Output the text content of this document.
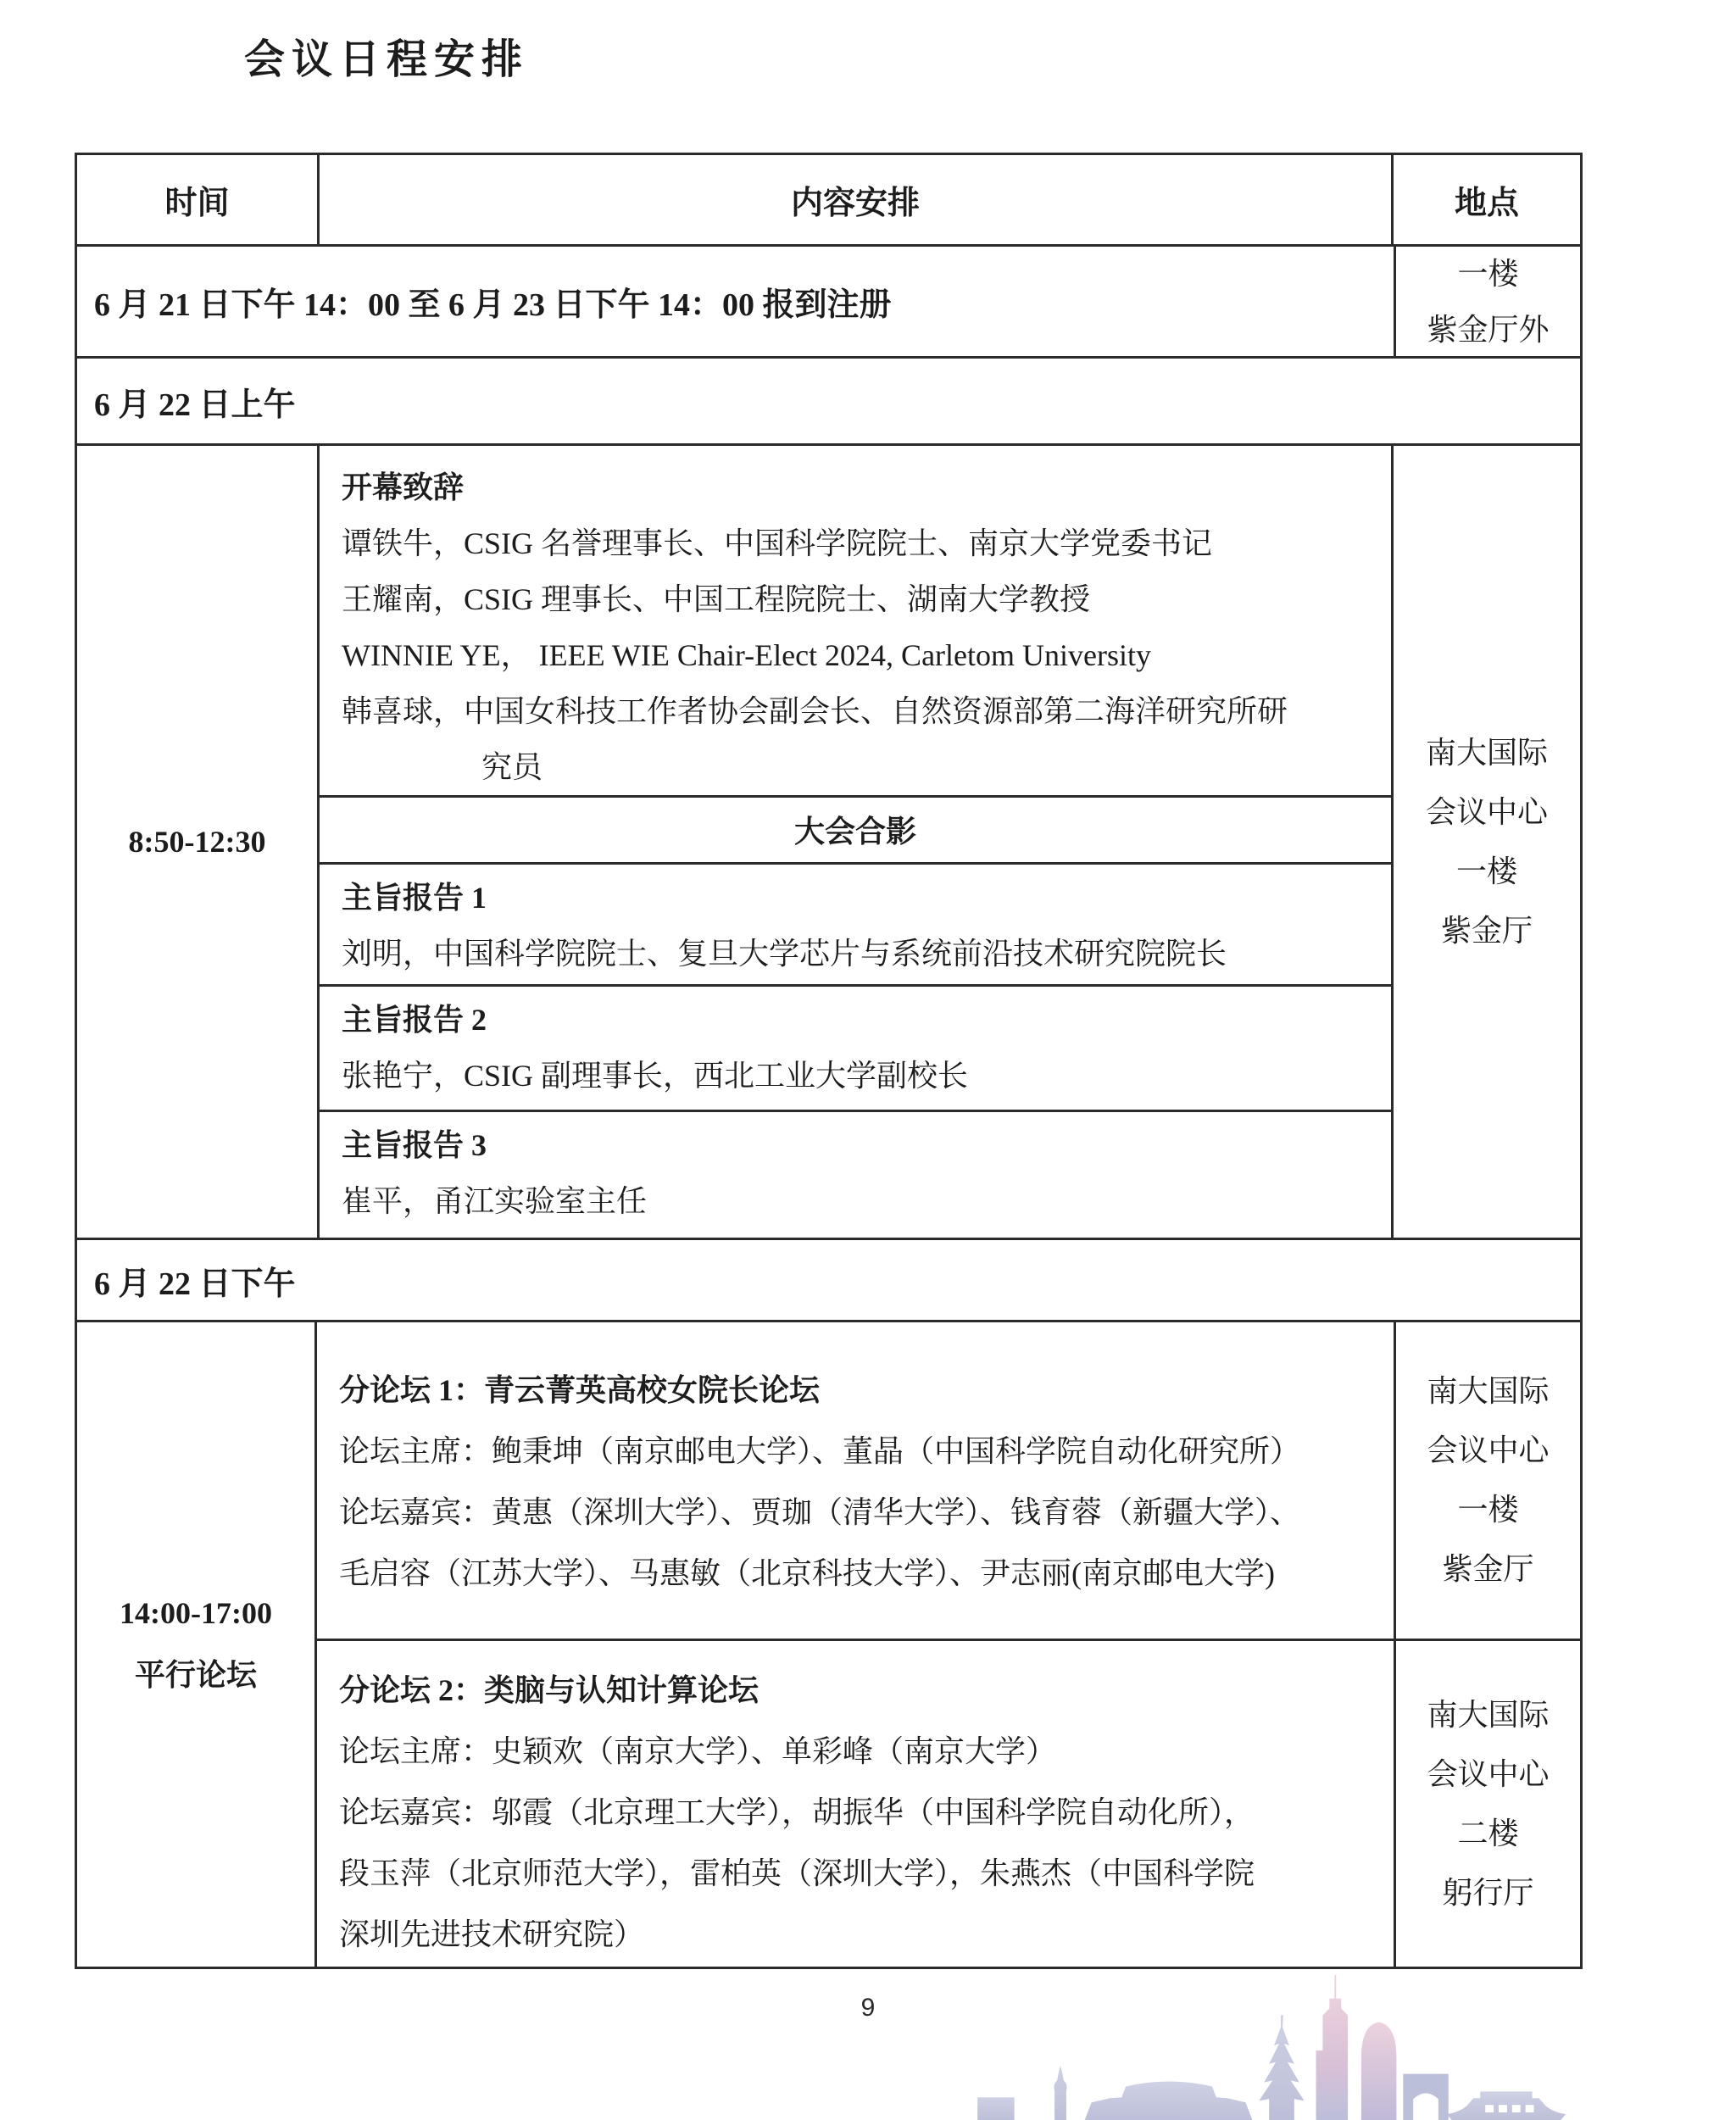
会议日程安排
时间	内容安排	地点
6 月 21 日下午 14：00 至 6 月 23 日下午 14：00 报到注册
一楼
紫金厅外
6 月 22 日上午
8:50-12:30
开幕致辞
谭铁牛，CSIG 名誉理事长、中国科学院院士、南京大学党委书记
王耀南，CSIG 理事长、中国工程院院士、湖南大学教授
WINNIE YE， IEEE WIE Chair-Elect 2024, Carletom University
韩喜球，中国女科技工作者协会副会长、自然资源部第二海洋研究所研
究员
大会合影
主旨报告 1
刘明，中国科学院院士、复旦大学芯片与系统前沿技术研究院院长
主旨报告 2
张艳宁，CSIG 副理事长，西北工业大学副校长
主旨报告 3
崔平，甬江实验室主任
南大国际
会议中心
一楼
紫金厅
6 月 22 日下午
14:00-17:00
平行论坛
分论坛 1：青云菁英高校女院长论坛
论坛主席：鲍秉坤（南京邮电大学）、董晶（中国科学院自动化研究所）
论坛嘉宾：黄惠（深圳大学）、贾珈（清华大学）、钱育蓉（新疆大学）、
毛启容（江苏大学）、马惠敏（北京科技大学）、尹志丽(南京邮电大学)
南大国际
会议中心
一楼
紫金厅
分论坛 2：类脑与认知计算论坛
论坛主席：史颖欢（南京大学）、单彩峰（南京大学）
论坛嘉宾：邬霞（北京理工大学），胡振华（中国科学院自动化所），
段玉萍（北京师范大学），雷柏英（深圳大学），朱燕杰（中国科学院
深圳先进技术研究院）
南大国际
会议中心
二楼
躬行厅
9
